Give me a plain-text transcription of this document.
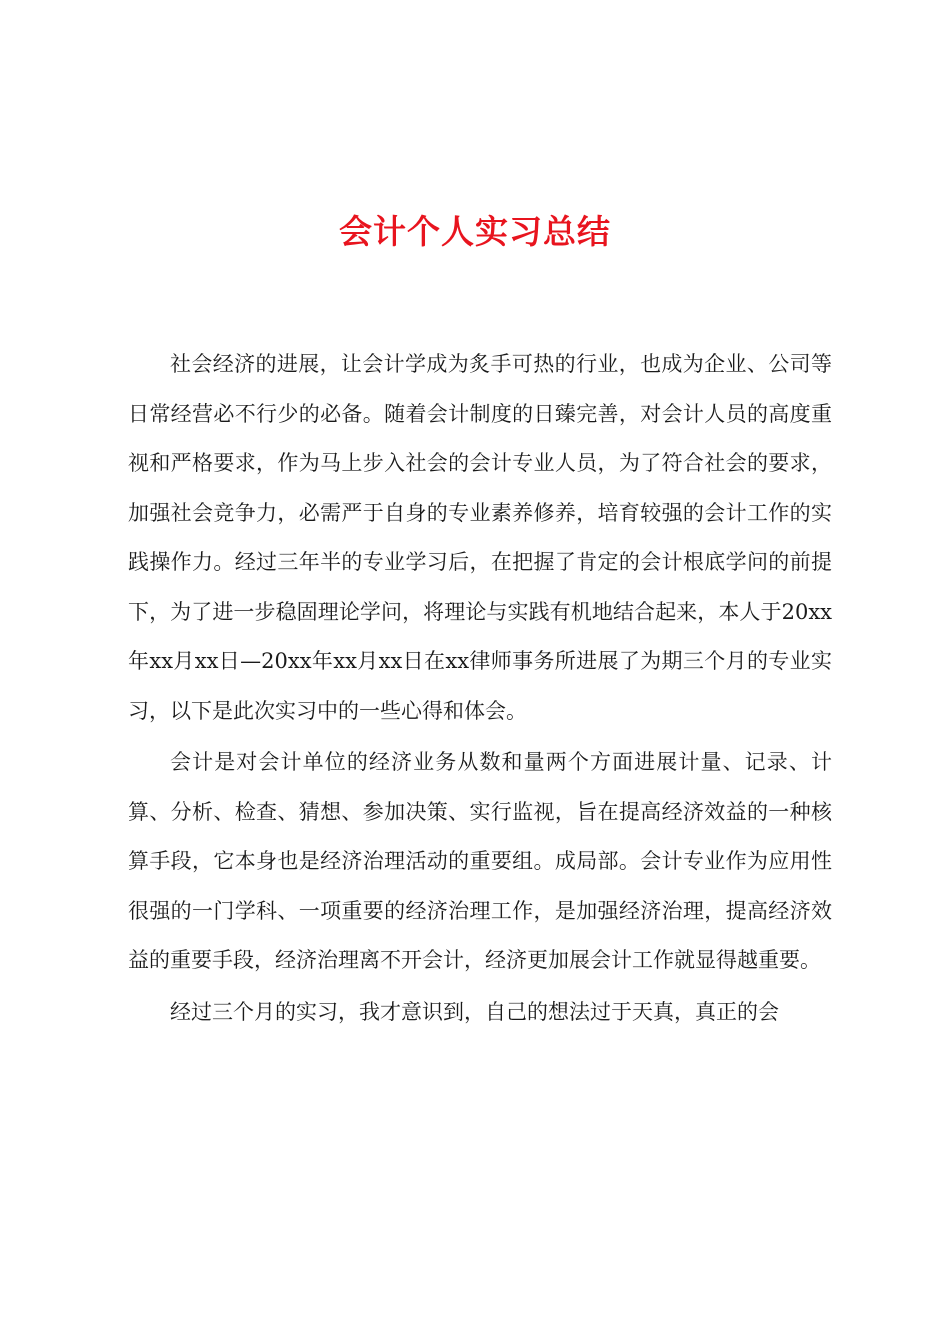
会计个人实习总结

社会经济的进展，让会计学成为炙手可热的行业，也成为企业、公司等日常经营必不行少的必备。随着会计制度的日臻完善，对会计人员的高度重视和严格要求，作为马上步入社会的会计专业人员，为了符合社会的要求，加强社会竞争力，必需严于自身的专业素养修养，培育较强的会计工作的实践操作力。经过三年半的专业学习后，在把握了肯定的会计根底学问的前提下，为了进一步稳固理论学问，将理论与实践有机地结合起来，本人于20xx年xx月xx日—20xx年xx月xx日在xx律师事务所进展了为期三个月的专业实习，以下是此次实习中的一些心得和体会。

会计是对会计单位的经济业务从数和量两个方面进展计量、记录、计算、分析、检查、猜想、参加决策、实行监视，旨在提高经济效益的一种核算手段，它本身也是经济治理活动的重要组。成局部。会计专业作为应用性很强的一门学科、一项重要的经济治理工作，是加强经济治理，提高经济效益的重要手段，经济治理离不开会计，经济更加展会计工作就显得越重要。

经过三个月的实习，我才意识到，自己的想法过于天真，真正的会
